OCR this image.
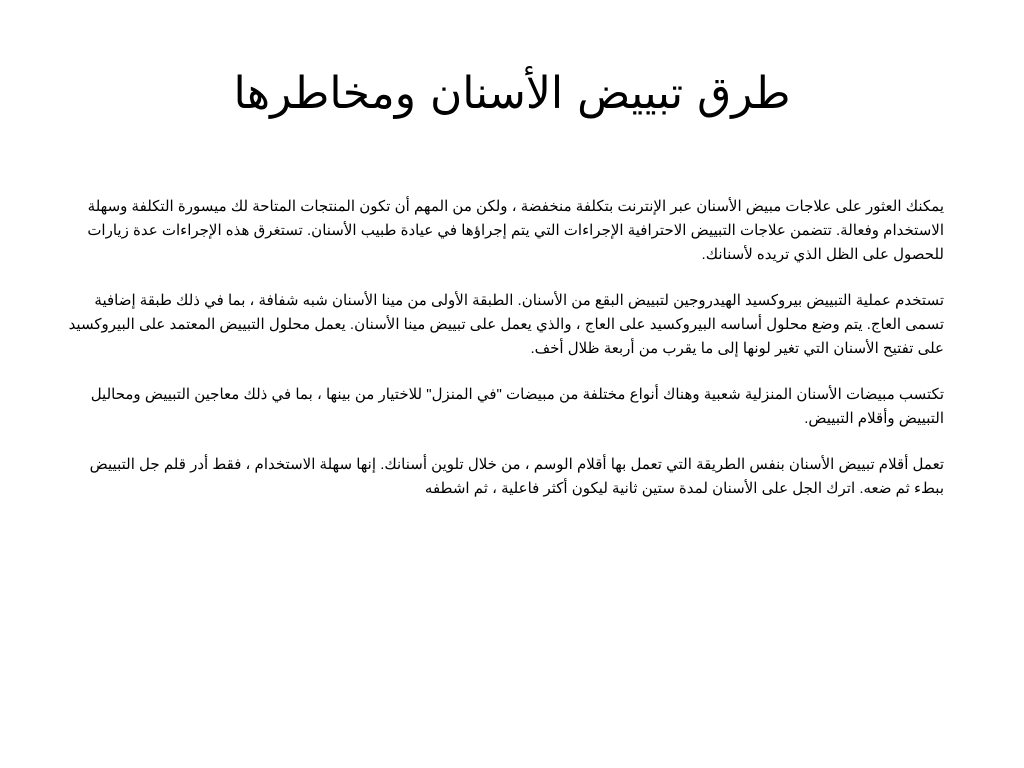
طرق تبييض الأسنان ومخاطرها

يمكنك العثور على علاجات مبيض الأسنان عبر الإنترنت بتكلفة منخفضة ، ولكن من المهم أن تكون المنتجات المتاحة لك ميسورة التكلفة وسهلة الاستخدام وفعالة. تتضمن علاجات التبييض الاحترافية الإجراءات التي يتم إجراؤها في عيادة طبيب الأسنان. تستغرق هذه الإجراءات عدة زيارات للحصول على الظل الذي تريده لأسنانك.

تستخدم عملية التبييض بيروكسيد الهيدروجين لتبييض البقع من الأسنان. الطبقة الأولى من مينا الأسنان شبه شفافة ، بما في ذلك طبقة إضافية تسمى العاج. يتم وضع محلول أساسه البيروكسيد على العاج ، والذي يعمل على تبييض مينا الأسنان. يعمل محلول التبييض المعتمد على البيروكسيد على تفتيح الأسنان التي تغير لونها إلى ما يقرب من أربعة ظلال أخف.

تكتسب مبيضات الأسنان المنزلية شعبية وهناك أنواع مختلفة من مبيضات "في المنزل" للاختيار من بينها ، بما في ذلك معاجين التبييض ومحاليل التبييض وأقلام التبييض.

تعمل أقلام تبييض الأسنان بنفس الطريقة التي تعمل بها أقلام الوسم ، من خلال تلوين أسنانك. إنها سهلة الاستخدام ، فقط أدر قلم جل التبييض ببطء ثم ضعه. اترك الجل على الأسنان لمدة ستين ثانية ليكون أكثر فاعلية ، ثم اشطفه
